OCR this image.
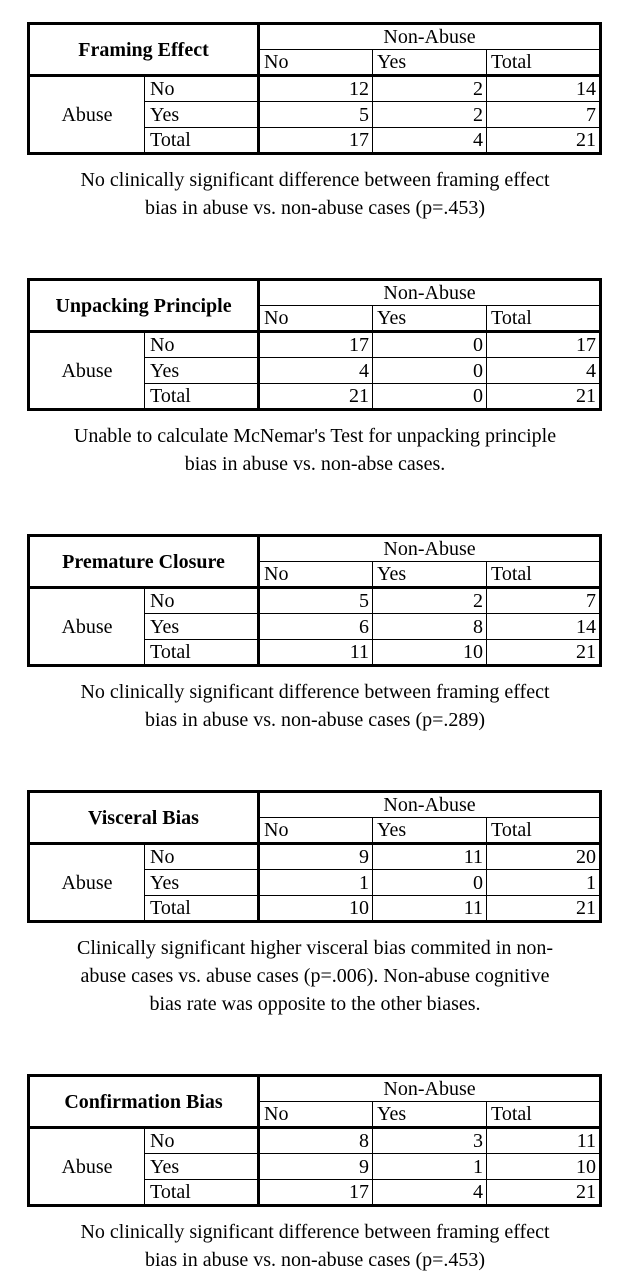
Framing Effect		Non-Abuse		
		No	Yes	Total
Abuse	No	12	2	14
	Yes	5	2	7
	Total	17	4	21
No clinically significant difference between framing effect
bias in abuse vs. non-abuse cases (p=.453)
Unpacking Principle		Non-Abuse		
		No	Yes	Total
Abuse	No	17	0	17
	Yes	4	0	4
	Total	21	0	21
Unable to calculate McNemar's Test for unpacking principle
bias in abuse vs. non-abse cases.
Premature Closure		Non-Abuse		
		No	Yes	Total
Abuse	No	5	2	7
	Yes	6	8	14
	Total	11	10	21
No clinically significant difference between framing effect
bias in abuse vs. non-abuse cases (p=.289)
Visceral Bias		Non-Abuse		
		No	Yes	Total
Abuse	No	9	11	20
	Yes	1	0	1
	Total	10	11	21
Clinically significant higher visceral bias commited in non-
abuse cases vs. abuse cases (p=.006). Non-abuse cognitive
bias rate was opposite to the other biases.
Confirmation Bias		Non-Abuse		
		No	Yes	Total
Abuse	No	8	3	11
	Yes	9	1	10
	Total	17	4	21
No clinically significant difference between framing effect
bias in abuse vs. non-abuse cases (p=.453)
